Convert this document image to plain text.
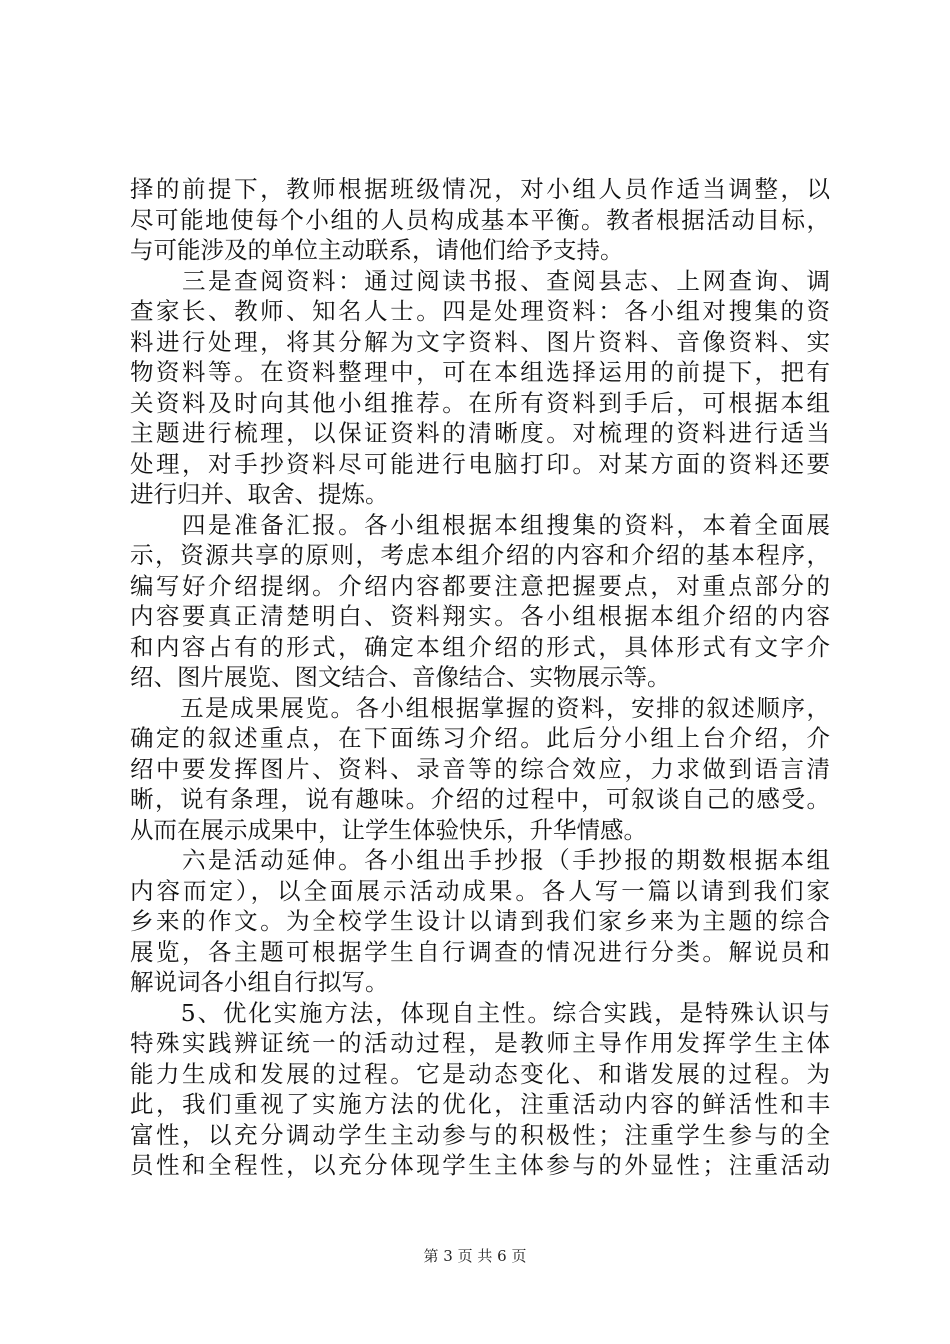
择的前提下，教师根据班级情况，对小组人员作适当调整，以
尽可能地使每个小组的人员构成基本平衡。教者根据活动目标，
与可能涉及的单位主动联系，请他们给予支持。
　　三是查阅资料：通过阅读书报、查阅县志、上网查询、调
查家长、教师、知名人士。四是处理资料：各小组对搜集的资
料进行处理，将其分解为文字资料、图片资料、音像资料、实
物资料等。在资料整理中，可在本组选择运用的前提下，把有
关资料及时向其他小组推荐。在所有资料到手后，可根据本组
主题进行梳理，以保证资料的清晰度。对梳理的资料进行适当
处理，对手抄资料尽可能进行电脑打印。对某方面的资料还要
进行归并、取舍、提炼。
　　四是准备汇报。各小组根据本组搜集的资料，本着全面展
示，资源共享的原则，考虑本组介绍的内容和介绍的基本程序，
编写好介绍提纲。介绍内容都要注意把握要点，对重点部分的
内容要真正清楚明白、资料翔实。各小组根据本组介绍的内容
和内容占有的形式，确定本组介绍的形式，具体形式有文字介
绍、图片展览、图文结合、音像结合、实物展示等。
　　五是成果展览。各小组根据掌握的资料，安排的叙述顺序，
确定的叙述重点，在下面练习介绍。此后分小组上台介绍，介
绍中要发挥图片、资料、录音等的综合效应，力求做到语言清
晰，说有条理，说有趣味。介绍的过程中，可叙谈自己的感受。
从而在展示成果中，让学生体验快乐，升华情感。
　　六是活动延伸。各小组出手抄报（手抄报的期数根据本组
内容而定），以全面展示活动成果。各人写一篇以请到我们家
乡来的作文。为全校学生设计以请到我们家乡来为主题的综合
展览，各主题可根据学生自行调查的情况进行分类。解说员和
解说词各小组自行拟写。
　　5、优化实施方法，体现自主性。综合实践，是特殊认识与
特殊实践辨证统一的活动过程，是教师主导作用发挥学生主体
能力生成和发展的过程。它是动态变化、和谐发展的过程。为
此，我们重视了实施方法的优化，注重活动内容的鲜活性和丰
富性，以充分调动学生主动参与的积极性；注重学生参与的全
员性和全程性，以充分体现学生主体参与的外显性；注重活动
第 3 页 共 6 页
